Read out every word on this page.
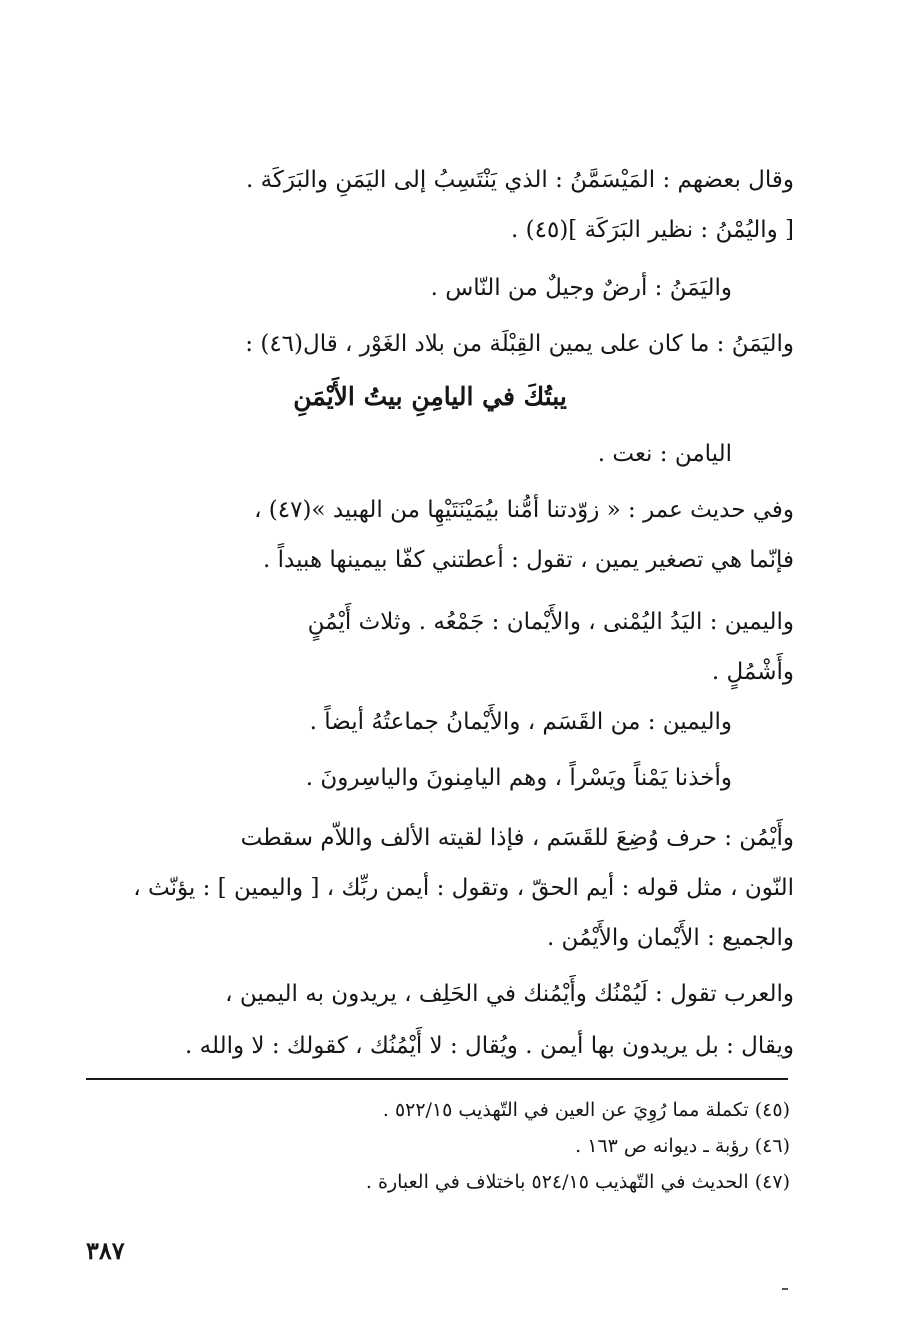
وقال بعضهم : المَيْسَمَّنُ : الذي يَنْتَسِبُ إلى اليَمَنِ والبَرَكَة .
[ واليُمْنُ : نظير البَرَكَة ](٤٥) .
واليَمَنُ : أرضٌ وجيلٌ من النّاس .
واليَمَنُ : ما كان على يمين القِبْلَة من بلاد الغَوْر ، قال(٤٦) :
يبتُكَ في اليامِنِ بيتُ الأَيْمَنِ
اليامن : نعت .
وفي حديث عمر : « زوّدتنا أمُّنا بيُمَيْنَتَيْهِا من الهبيد »(٤٧) ،
فإنّما هي تصغير يمين ، تقول : أعطتني كفّا بيمينها هبيداً .
واليمين : اليَدُ اليُمْنى ، والأَيْمان : جَمْعُه . وثلاث أَيْمُنٍ
وأَشْمُلٍ .
واليمين : من القَسَم ، والأَيْمانُ جماعتُهُ أيضاً .
وأخذنا يَمْناً ويَسْراً ، وهم اليامِنونَ والياسِرونَ .
وأَيْمُن : حرف وُضِعَ للقَسَم ، فإذا لقيته الألف واللاّم سقطت
النّون ، مثل قوله : أيم الحقّ ، وتقول : أيمن ربِّك ، [ واليمين ] : يؤنّث ،
والجميع : الأَيْمان والأَيْمُن .
والعرب تقول : لَيُمْنُك وأَيْمُنك في الحَلِف ، يريدون به اليمين ،
ويقال : بل يريدون بها أيمن . ويُقال : لا أَيْمُنُك ، كقولك : لا والله .
(٤٥) تكملة مما رُوِيَ عن العين في التّهذيب ٥٢٢/١٥ .
(٤٦) رؤبة ـ ديوانه ص ١٦٣ .
(٤٧) الحديث في التّهذيب ٥٢٤/١٥ باختلاف في العبارة .
٣٨٧
